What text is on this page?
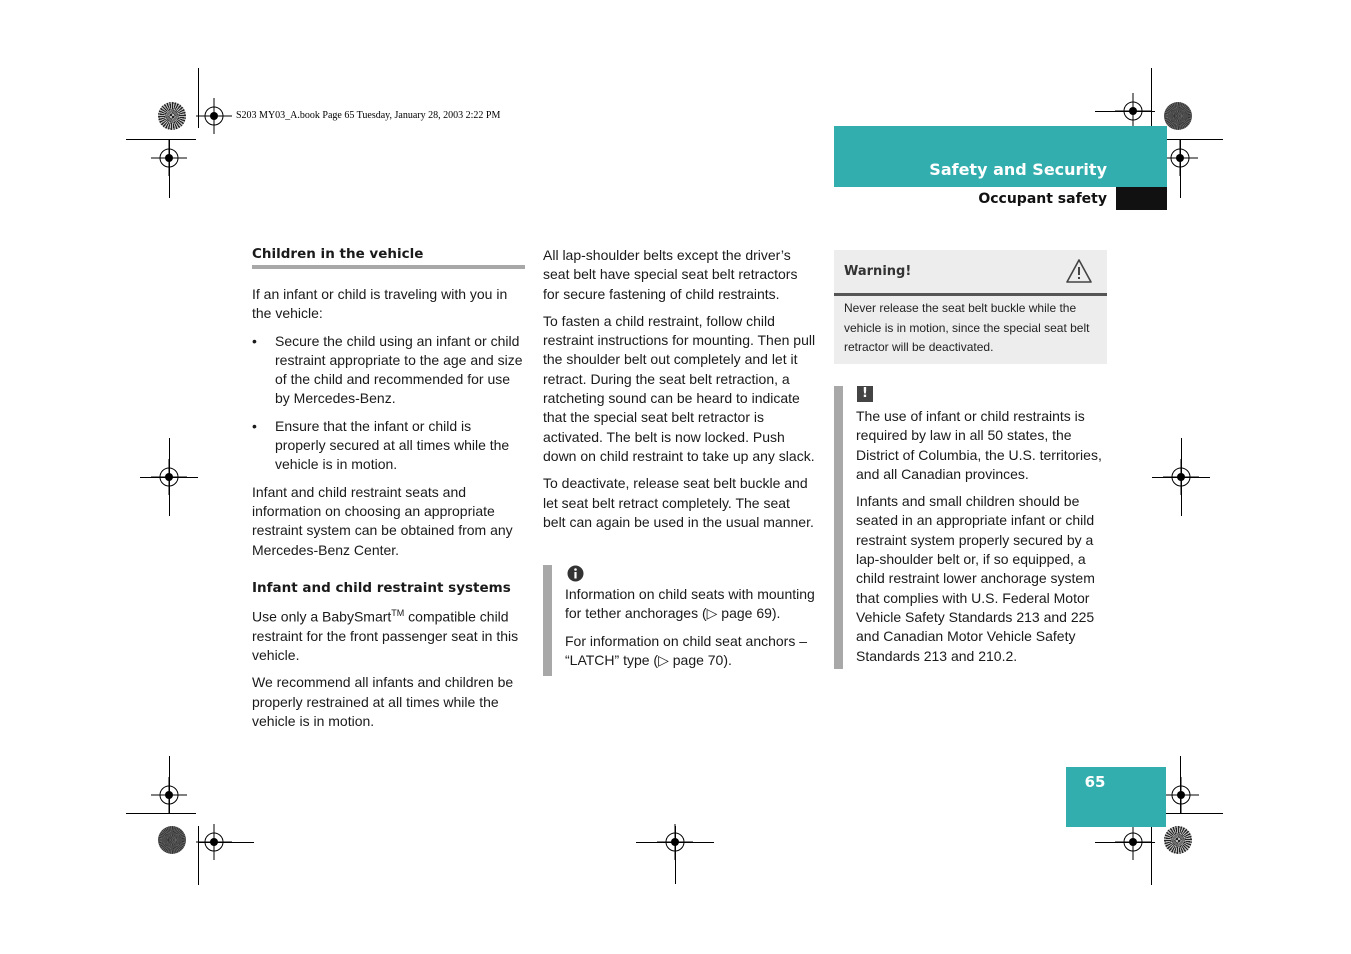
S203 MY03_A.book Page 65 Tuesday, January 28, 2003 2:22 PM
Safety and Security
Occupant safety

Children in the vehicle

If an infant or child is traveling with you in the vehicle:

• Secure the child using an infant or child restraint appropriate to the age and size of the child and recommended for use by Mercedes-Benz.
• Ensure that the infant or child is properly secured at all times while the vehicle is in motion.

Infant and child restraint seats and information on choosing an appropriate restraint system can be obtained from any Mercedes-Benz Center.

Infant and child restraint systems

Use only a BabySmart™ compatible child restraint for the front passenger seat in this vehicle.

We recommend all infants and children be properly restrained at all times while the vehicle is in motion.

All lap-shoulder belts except the driver’s seat belt have special seat belt retractors for secure fastening of child restraints.

To fasten a child restraint, follow child restraint instructions for mounting. Then pull the shoulder belt out completely and let it retract. During the seat belt retraction, a ratcheting sound can be heard to indicate that the special seat belt retractor is activated. The belt is now locked. Push down on child restraint to take up any slack.

To deactivate, release seat belt buckle and let seat belt retract completely. The seat belt can again be used in the usual manner.

Information on child seats with mounting for tether anchorages (▷ page 69).

For information on child seat anchors – “LATCH” type (▷ page 70).

Warning!
Never release the seat belt buckle while the vehicle is in motion, since the special seat belt retractor will be deactivated.
!

The use of infant or child restraints is required by law in all 50 states, the District of Columbia, the U.S. territories, and all Canadian provinces.

Infants and small children should be seated in an appropriate infant or child restraint system properly secured by a lap-shoulder belt or, if so equipped, a child restraint lower anchorage system that complies with U.S. Federal Motor Vehicle Safety Standards 213 and 225 and Canadian Motor Vehicle Safety Standards 213 and 210.2.

65
